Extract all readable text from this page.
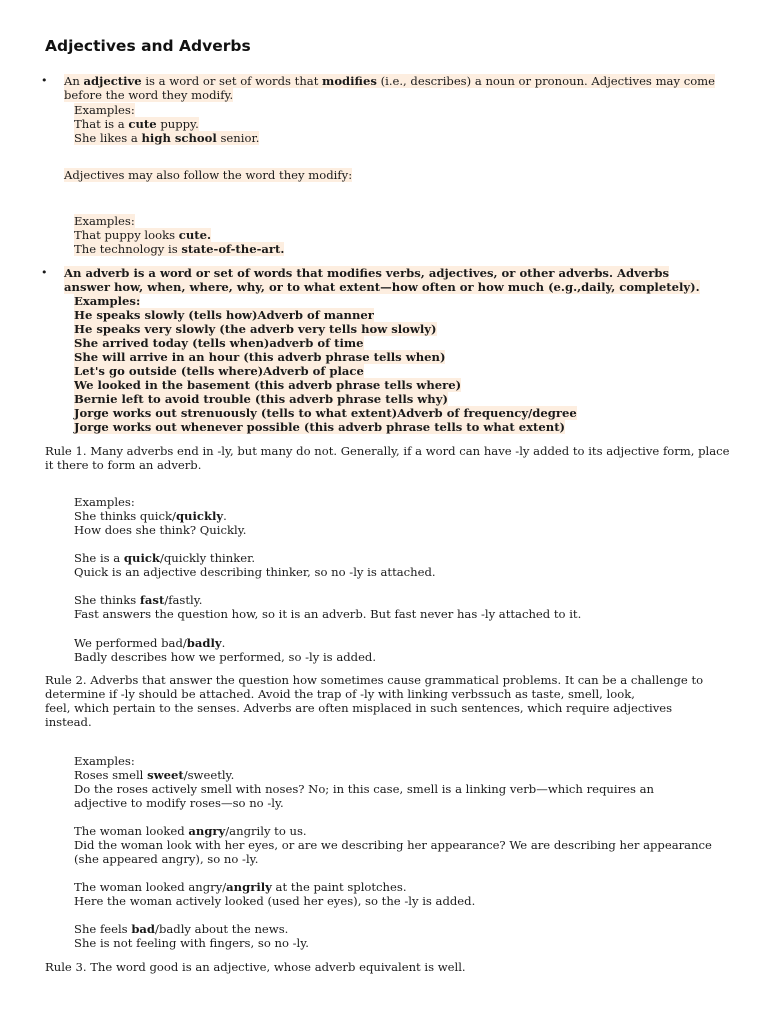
Adjectives and Adverbs
• An adjective is a word or set of words that modifies (i.e., describes) a noun or pronoun. Adjectives may come before the word they modify.
Examples:
That is a cute puppy.
She likes a high school senior.
Adjectives may also follow the word they modify:
Examples:
That puppy looks cute.
The technology is state-of-the-art.
• An adverb is a word or set of words that modifies verbs, adjectives, or other adverbs. Adverbs
answer how, when, where, why, or to what extent—how often or how much (e.g.,daily, completely).
Examples:
He speaks slowly (tells how)Adverb of manner
He speaks very slowly (the adverb very tells how slowly)
She arrived today (tells when)adverb of time
She will arrive in an hour (this adverb phrase tells when)
Let's go outside (tells where)Adverb of place
We looked in the basement (this adverb phrase tells where)
Bernie left to avoid trouble (this adverb phrase tells why)
Jorge works out strenuously (tells to what extent)Adverb of frequency/degree
Jorge works out whenever possible (this adverb phrase tells to what extent)
Rule 1. Many adverbs end in -ly, but many do not. Generally, if a word can have -ly added to its adjective form, place it there to form an adverb.
Examples:
She thinks quick/quickly.
How does she think? Quickly.
She is a quick/quickly thinker.
Quick is an adjective describing thinker, so no -ly is attached.
She thinks fast/fastly.
Fast answers the question how, so it is an adverb. But fast never has -ly attached to it.
We performed bad/badly.
Badly describes how we performed, so -ly is added.
Rule 2. Adverbs that answer the question how sometimes cause grammatical problems. It can be a challenge to
determine if -ly should be attached. Avoid the trap of -ly with linking verbssuch as taste, smell, look,
feel, which pertain to the senses. Adverbs are often misplaced in such sentences, which require adjectives
instead.
Examples:
Roses smell sweet/sweetly.
Do the roses actively smell with noses? No; in this case, smell is a linking verb—which requires an
adjective to modify roses—so no -ly.
The woman looked angry/angrily to us.
Did the woman look with her eyes, or are we describing her appearance? We are describing her appearance
(she appeared angry), so no -ly.
The woman looked angry/angrily at the paint splotches.
Here the woman actively looked (used her eyes), so the -ly is added.
She feels bad/badly about the news.
She is not feeling with fingers, so no -ly.
Rule 3. The word good is an adjective, whose adverb equivalent is well.
